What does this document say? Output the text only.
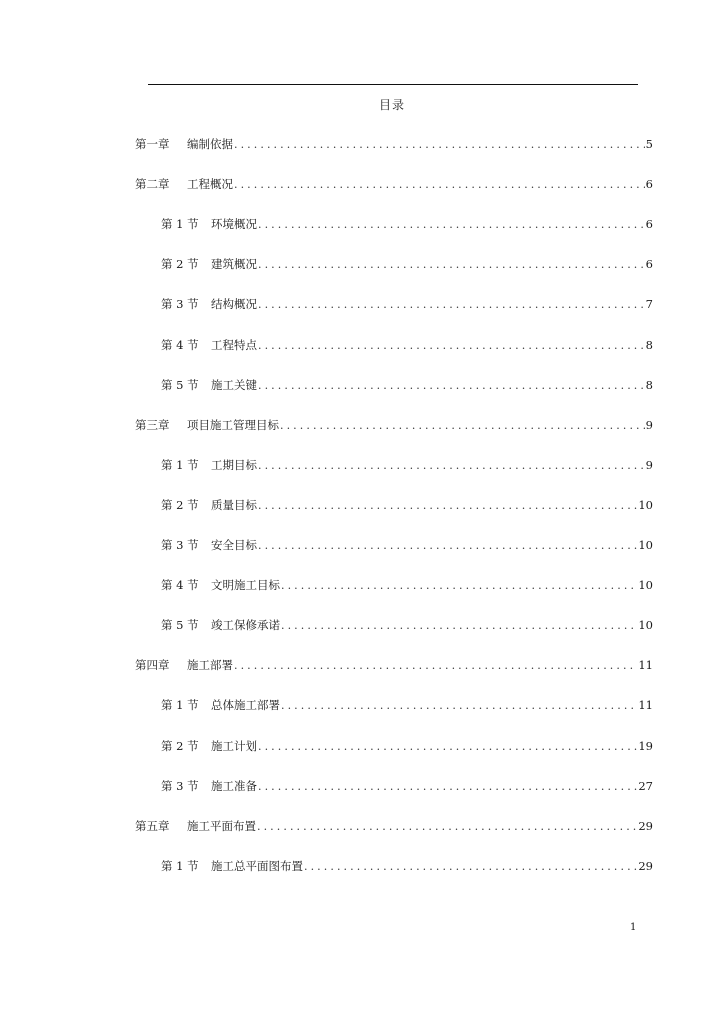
目录
第一章	编制依据 . . .	5
第二章	工程概况 . . .	6
第 1 节	环境概况 . . .	6
第 2 节	建筑概况 . . .	6
第 3 节	结构概况 . . .	7
第 4 节	工程特点 . . .	8
第 5 节	施工关键 . . .	8
第三章	项目施工管理目标 . . .	9
第 1 节	工期目标 . . .	9
第 2 节	质量目标 . . .	10
第 3 节	安全目标 . . .	10
第 4 节	文明施工目标 . . .	10
第 5 节	竣工保修承诺 . . .	10
第四章	施工部署 . . .	11
第 1 节	总体施工部署 . . .	11
第 2 节	施工计划 . . .	19
第 3 节	施工准备 . . .	27
第五章	施工平面布置 . . .	29
第 1 节	施工总平面图布置 . . .	29
1
